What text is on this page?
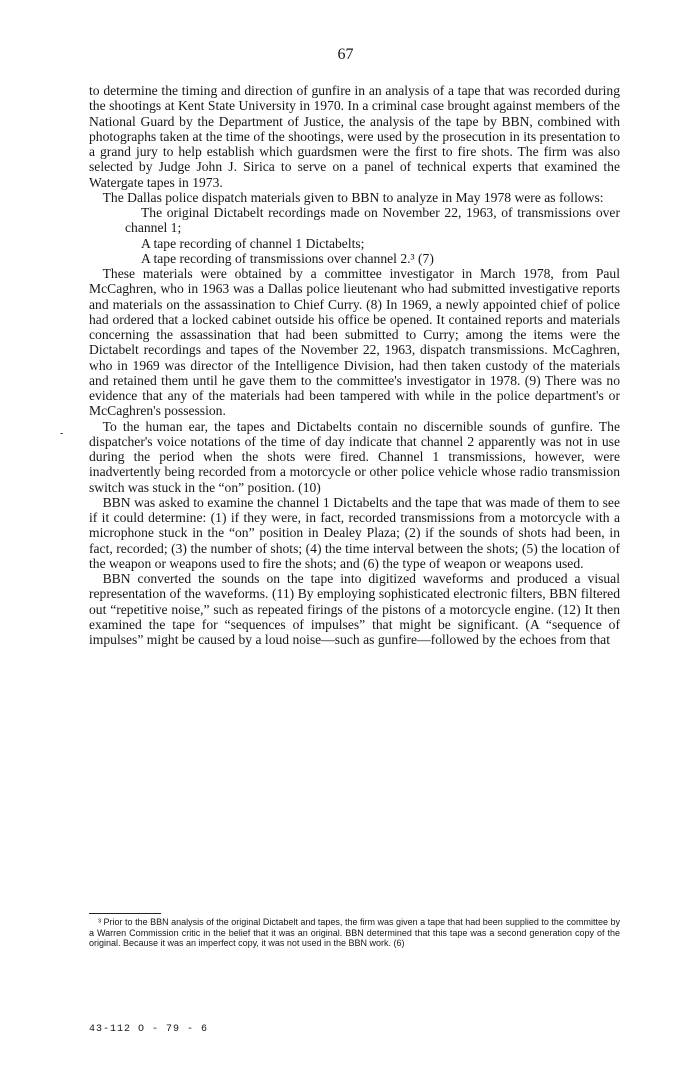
67
-

to determine the timing and direction of gunfire in an analysis of a tape that was recorded during the shootings at Kent State University in 1970. In a criminal case brought against members of the National Guard by the Department of Justice, the analysis of the tape by BBN, combined with photographs taken at the time of the shootings, were used by the prosecution in its presentation to a grand jury to help establish which guardsmen were the first to fire shots. The firm was also selected by Judge John J. Sirica to serve on a panel of technical experts that examined the Watergate tapes in 1973.

The Dallas police dispatch materials given to BBN to analyze in May 1978 were as follows:

The original Dictabelt recordings made on November 22, 1963, of transmissions over channel 1;

A tape recording of channel 1 Dictabelts;

A tape recording of transmissions over channel 2.³ (7)

These materials were obtained by a committee investigator in March 1978, from Paul McCaghren, who in 1963 was a Dallas police lieutenant who had submitted investigative reports and materials on the assassination to Chief Curry. (8) In 1969, a newly appointed chief of police had ordered that a locked cabinet outside his office be opened. It contained reports and materials concerning the assassination that had been submitted to Curry; among the items were the Dictabelt recordings and tapes of the November 22, 1963, dispatch transmissions. McCaghren, who in 1969 was director of the Intelligence Division, had then taken custody of the materials and retained them until he gave them to the committee's investigator in 1978. (9) There was no evidence that any of the materials had been tampered with while in the police department's or McCaghren's possession.

To the human ear, the tapes and Dictabelts contain no discernible sounds of gunfire. The dispatcher's voice notations of the time of day indicate that channel 2 apparently was not in use during the period when the shots were fired. Channel 1 transmissions, however, were inadvertently being recorded from a motorcycle or other police vehicle whose radio transmission switch was stuck in the “on” position. (10)

BBN was asked to examine the channel 1 Dictabelts and the tape that was made of them to see if it could determine: (1) if they were, in fact, recorded transmissions from a motorcycle with a microphone stuck in the “on” position in Dealey Plaza; (2) if the sounds of shots had been, in fact, recorded; (3) the number of shots; (4) the time interval between the shots; (5) the location of the weapon or weapons used to fire the shots; and (6) the type of weapon or weapons used.

BBN converted the sounds on the tape into digitized waveforms and produced a visual representation of the waveforms. (11) By employing sophisticated electronic filters, BBN filtered out “repetitive noise,” such as repeated firings of the pistons of a motorcycle engine. (12) It then examined the tape for “sequences of impulses” that might be significant. (A “sequence of impulses” might be caused by a loud noise—such as gunfire—followed by the echoes from that

³ Prior to the BBN analysis of the original Dictabelt and tapes, the firm was given a tape that had been supplied to the committee by a Warren Commission critic in the belief that it was an original. BBN determined that this tape was a second generation copy of the original. Because it was an imperfect copy, it was not used in the BBN work. (6)
43-112 O - 79 - 6
